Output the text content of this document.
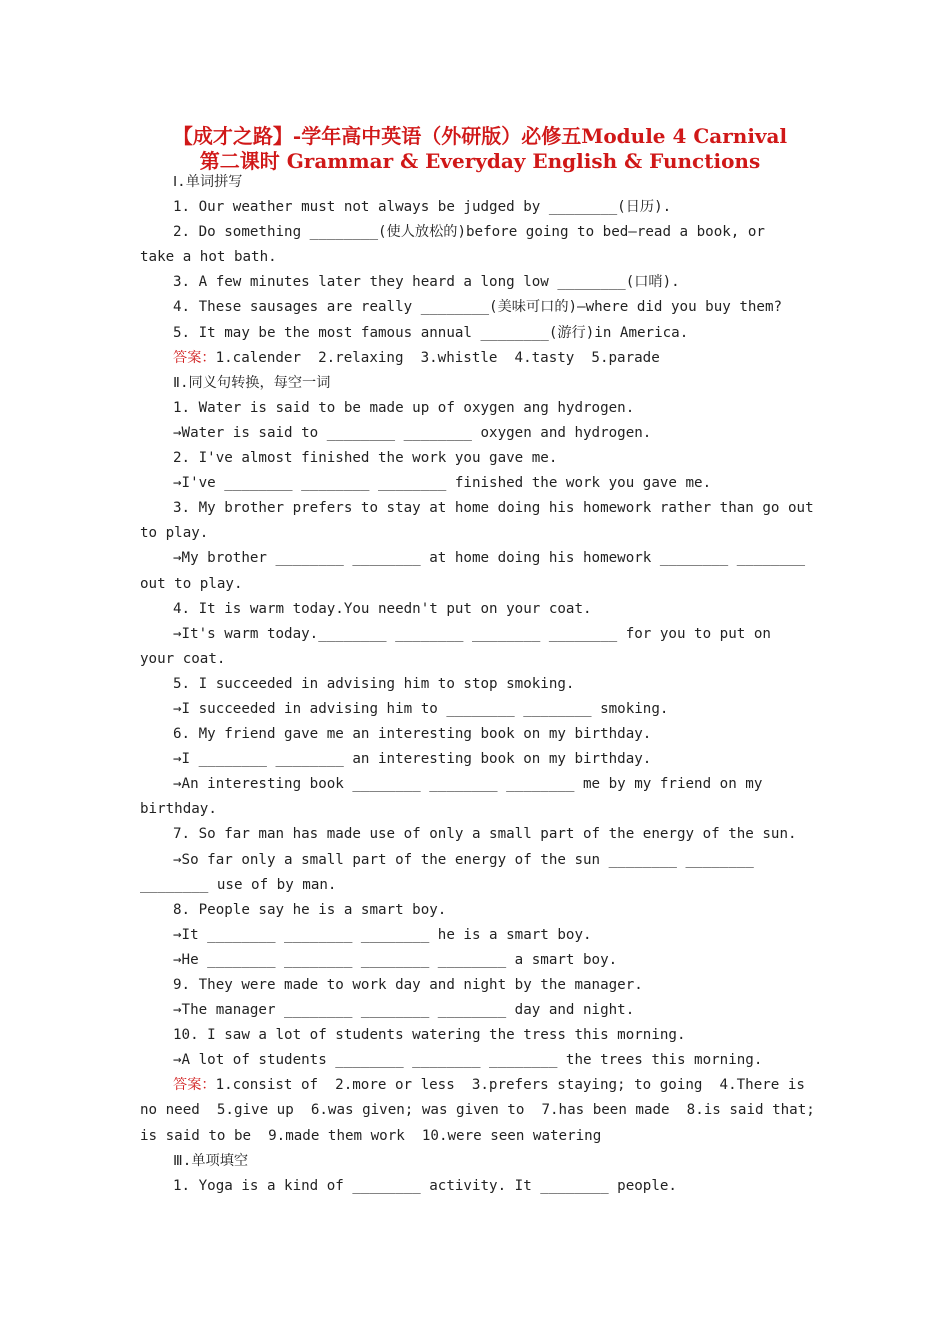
【成才之路】-学年高中英语（外研版）必修五Module 4 Carnival
第二课时 Grammar & Everyday English & Functions
Ⅰ.单词拼写
1. Our weather must not always be judged by ________(日历).
2. Do something ________(使人放松的)before going to bed—read a book, or
take a hot bath.
3. A few minutes later they heard a long low ________(口哨).
4. These sausages are really ________(美味可口的)—where did you buy them?
5. It may be the most famous annual ________(游行)in America.
答案：1.calender  2.relaxing  3.whistle  4.tasty  5.parade
Ⅱ.同义句转换，每空一词
1. Water is said to be made up of oxygen ang hydrogen.
→Water is said to ________ ________ oxygen and hydrogen.
2. I've almost finished the work you gave me.
→I've ________ ________ ________ finished the work you gave me.
3. My brother prefers to stay at home doing his homework rather than go out
to play.
→My brother ________ ________ at home doing his homework ________ ________
out to play.
4. It is warm today.You needn't put on your coat.
→It's warm today.________ ________ ________ ________ for you to put on
your coat.
5. I succeeded in advising him to stop smoking.
→I succeeded in advising him to ________ ________ smoking.
6. My friend gave me an interesting book on my birthday.
→I ________ ________ an interesting book on my birthday.
→An interesting book ________ ________ ________ me by my friend on my
birthday.
7. So far man has made use of only a small part of the energy of the sun.
→So far only a small part of the energy of the sun ________ ________
________ use of by man.
8. People say he is a smart boy.
→It ________ ________ ________ he is a smart boy.
→He ________ ________ ________ ________ a smart boy.
9. They were made to work day and night by the manager.
→The manager ________ ________ ________ day and night.
10. I saw a lot of students watering the tress this morning.
→A lot of students ________ ________ ________ the trees this morning.
答案：1.consist of  2.more or less  3.prefers staying; to going  4.There is
no need  5.give up  6.was given; was given to  7.has been made  8.is said that;
is said to be  9.made them work  10.were seen watering
Ⅲ.单项填空
1. Yoga is a kind of ________ activity. It ________ people.
